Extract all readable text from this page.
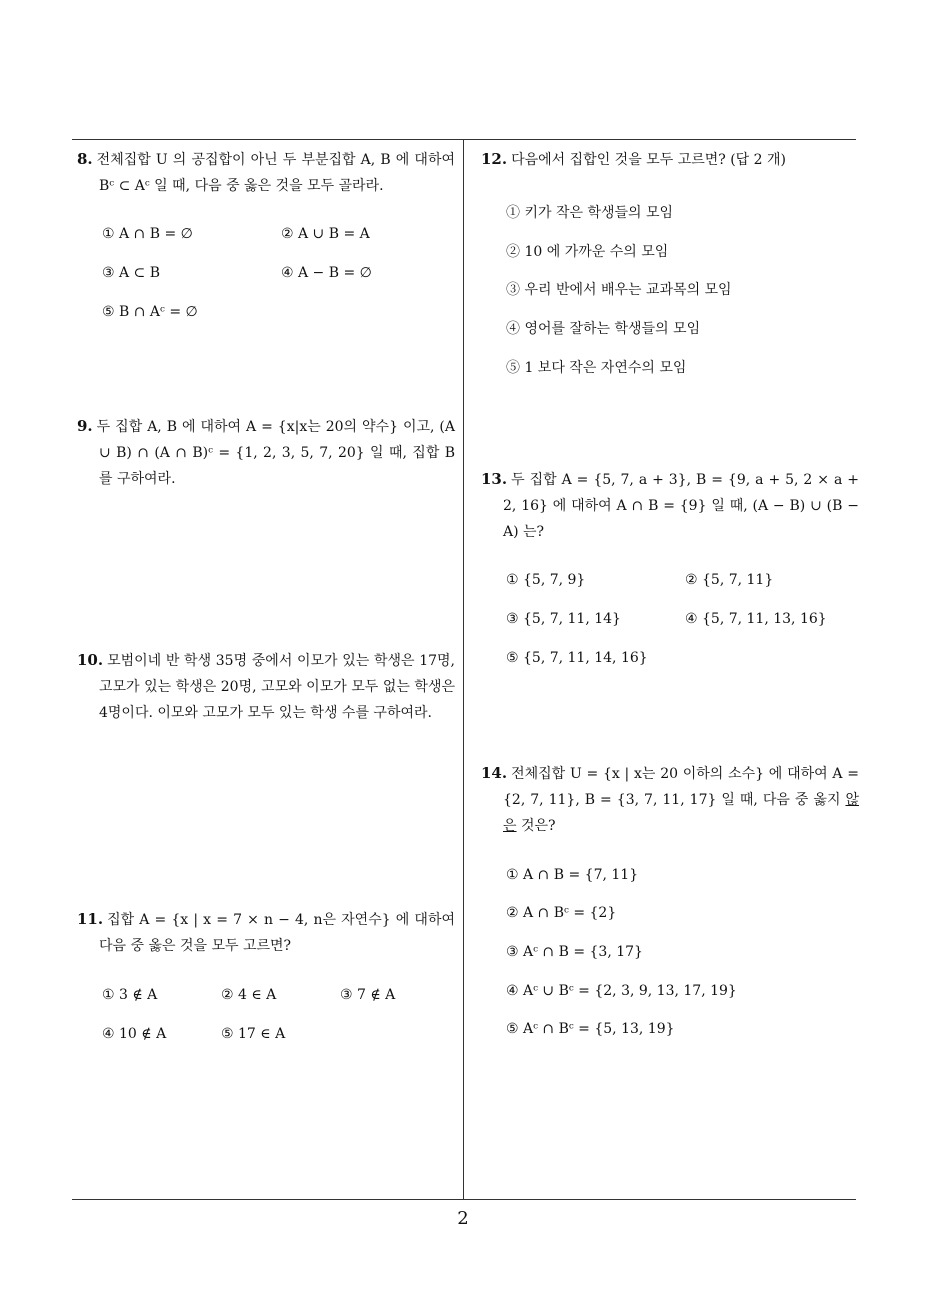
8. 전체집합 U 의 공집합이 아닌 두 부분집합 A, B 에 대하여 Bᶜ ⊂ Aᶜ 일 때, 다음 중 옳은 것을 모두 골라라.

① A ∩ B = ∅	② A ∪ B = A
③ A ⊂ B	④ A − B = ∅
⑤ B ∩ Aᶜ = ∅

9. 두 집합 A, B 에 대하여 A = {x|x는 20의 약수} 이고, (A ∪ B) ∩ (A ∩ B)ᶜ = {1, 2, 3, 5, 7, 20} 일 때, 집합 B 를 구하여라.

10. 모범이네 반 학생 35명 중에서 이모가 있는 학생은 17명, 고모가 있는 학생은 20명, 고모와 이모가 모두 없는 학생은 4명이다. 이모와 고모가 모두 있는 학생 수를 구하여라.

11. 집합 A = {x | x = 7 × n − 4, n은 자연수} 에 대하여 다음 중 옳은 것을 모두 고르면?

① 3 ∉ A	② 4 ∈ A	③ 7 ∉ A
④ 10 ∉ A	⑤ 17 ∈ A

12. 다음에서 집합인 것을 모두 고르면? (답 2 개)

① 키가 작은 학생들의 모임
② 10 에 가까운 수의 모임
③ 우리 반에서 배우는 교과목의 모임
④ 영어를 잘하는 학생들의 모임
⑤ 1 보다 작은 자연수의 모임

13. 두 집합 A = {5, 7, a + 3}, B = {9, a + 5, 2 × a + 2, 16} 에 대하여 A ∩ B = {9} 일 때, (A − B) ∪ (B − A) 는?

① {5, 7, 9}	② {5, 7, 11}
③ {5, 7, 11, 14}	④ {5, 7, 11, 13, 16}
⑤ {5, 7, 11, 14, 16}

14. 전체집합 U = {x | x는 20 이하의 소수} 에 대하여 A = {2, 7, 11}, B = {3, 7, 11, 17} 일 때, 다음 중 옳지 않은 것은?

① A ∩ B = {7, 11}
② A ∩ Bᶜ = {2}
③ Aᶜ ∩ B = {3, 17}
④ Aᶜ ∪ Bᶜ = {2, 3, 9, 13, 17, 19}
⑤ Aᶜ ∩ Bᶜ = {5, 13, 19}
2
